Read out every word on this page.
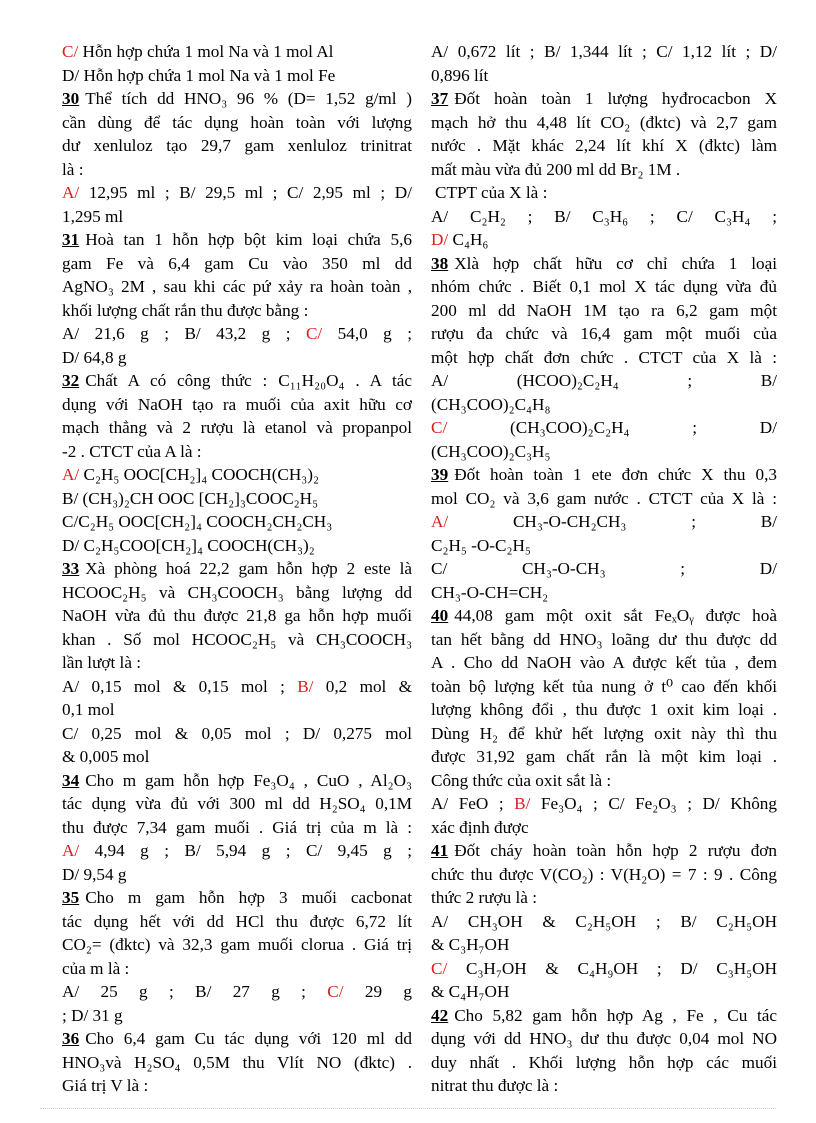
C/ Hỗn hợp chứa 1 mol Na và 1 mol Al
D/ Hỗn hợp chứa 1 mol Na và 1 mol Fe
30 Thể tích dd HNO₃ 96 % (D= 1,52 g/ml )
cần dùng để tác dụng hoàn toàn với lượng
dư xenluloz tạo 29,7 gam xenluloz trinitrat
là :
A/ 12,95 ml ; B/ 29,5 ml ; C/ 2,95 ml ; D/
1,295 ml
31 Hoà tan 1 hỗn hợp bột kim loại chứa 5,6
gam Fe và 6,4 gam Cu vào 350 ml dd
AgNO₃ 2M , sau khi các pứ xảy ra hoàn toàn ,
khối lượng chất rắn thu được bằng :
A/ 21,6 g ; B/ 43,2 g ; C/ 54,0 g ;
D/ 64,8 g
32 Chất A có công thức : C₁₁H₂₀O₄ . A tác
dụng với NaOH tạo ra muối của axit hữu cơ
mạch thẳng và 2 rượu là etanol và propanpol
-2 . CTCT của A là :
A/ C₂H₅ OOC[CH₂]₄ COOCH(CH₃)₂
B/ (CH₃)₂CH OOC [CH₂]₃COOC₂H₅
C/C₂H₅ OOC[CH₂]₄ COOCH₂CH₂CH₃
D/ C₂H₅COO[CH₂]₄ COOCH(CH₃)₂
33 Xà phòng hoá 22,2 gam hỗn hợp 2 este là
HCOOC₂H₅ và CH₃COOCH₃ bằng lượng dd
NaOH vừa đủ thu được 21,8 ga hỗn hợp muối
khan . Số mol HCOOC₂H₅ và CH₃COOCH₃
lần lượt là :
A/ 0,15 mol & 0,15 mol ; B/ 0,2 mol &
0,1 mol
C/ 0,25 mol & 0,05 mol ; D/ 0,275 mol
& 0,005 mol
34 Cho m gam hỗn hợp Fe₃O₄ , CuO , Al₂O₃
tác dụng vừa đủ với 300 ml dd H₂SO₄ 0,1M
thu được 7,34 gam muối . Giá trị của m là :
A/ 4,94 g ; B/ 5,94 g ; C/ 9,45 g ;
D/ 9,54 g
35 Cho m gam hỗn hợp 3 muối cacbonat
tác dụng hết với dd HCl thu được 6,72 lít
CO₂= (đktc) và 32,3 gam muối clorua . Giá trị
của m là :
A/ 25 g ; B/ 27 g ; C/ 29 g
; D/ 31 g
36 Cho 6,4 gam Cu tác dụng với 120 ml dd
HNO₃và H₂SO₄ 0,5M thu Vlít NO (đktc) .
Giá trị V là :
A/ 0,672 lít ; B/ 1,344 lít ; C/ 1,12 lít ; D/
0,896 lít
37 Đốt hoàn toàn 1 lượng hyđrocacbon X
mạch hở thu 4,48 lít CO₂ (đktc) và 2,7 gam
nước . Mặt khác 2,24 lít khí X (đktc) làm
mất màu vừa đủ 200 ml dd Br₂ 1M .
CTPT của X là :
A/ C₂H₂ ; B/ C₃H₆ ; C/ C₃H₄ ;
D/ C₄H₆
38 Xlà hợp chất hữu cơ chỉ chứa 1 loại
nhóm chức . Biết 0,1 mol X tác dụng vừa đủ
200 ml dd NaOH 1M tạo ra 6,2 gam một
rượu đa chức và 16,4 gam một muối của
một hợp chất đơn chức . CTCT của X là :
A/ (HCOO)₂C₂H₄ ; B/
(CH₃COO)₂C₄H₈
C/ (CH₃COO)₂C₂H₄ ; D/
(CH₃COO)₂C₃H₅
39 Đốt hoàn toàn 1 ete đơn chức X thu 0,3
mol CO₂ và 3,6 gam nước . CTCT của X là :
A/ CH₃-O-CH₂CH₃ ; B/
C₂H₅ -O-C₂H₅
C/ CH₃-O-CH₃ ; D/
CH₃-O-CH=CH₂
40 44,08 gam một oxit sắt FeₓOᵧ được hoà
tan hết bằng dd HNO₃ loãng dư thu được dd
A . Cho dd NaOH vào A được kết tủa , đem
toàn bộ lượng kết tủa nung ở t⁰ cao đến khối
lượng không đổi , thu được 1 oxit kim loại .
Dùng H₂ để khử hết lượng oxit này thì thu
được 31,92 gam chất rắn là một kim loại .
Công thức của oxit sắt là :
A/ FeO ; B/ Fe₃O₄ ; C/ Fe₂O₃ ; D/ Không
xác định được
41 Đốt cháy hoàn toàn hỗn hợp 2 rượu đơn
chức thu được V(CO₂) : V(H₂O) = 7 : 9 . Công
thức 2 rượu là :
A/ CH₃OH & C₂H₅OH ; B/ C₂H₅OH
& C₃H₇OH
C/ C₃H₇OH & C₄H₉OH ; D/ C₃H₅OH
& C₄H₇OH
42 Cho 5,82 gam hỗn hợp Ag , Fe , Cu tác
dụng với dd HNO₃ dư thu được 0,04 mol NO
duy nhất . Khối lượng hỗn hợp các muối
nitrat thu được là :
